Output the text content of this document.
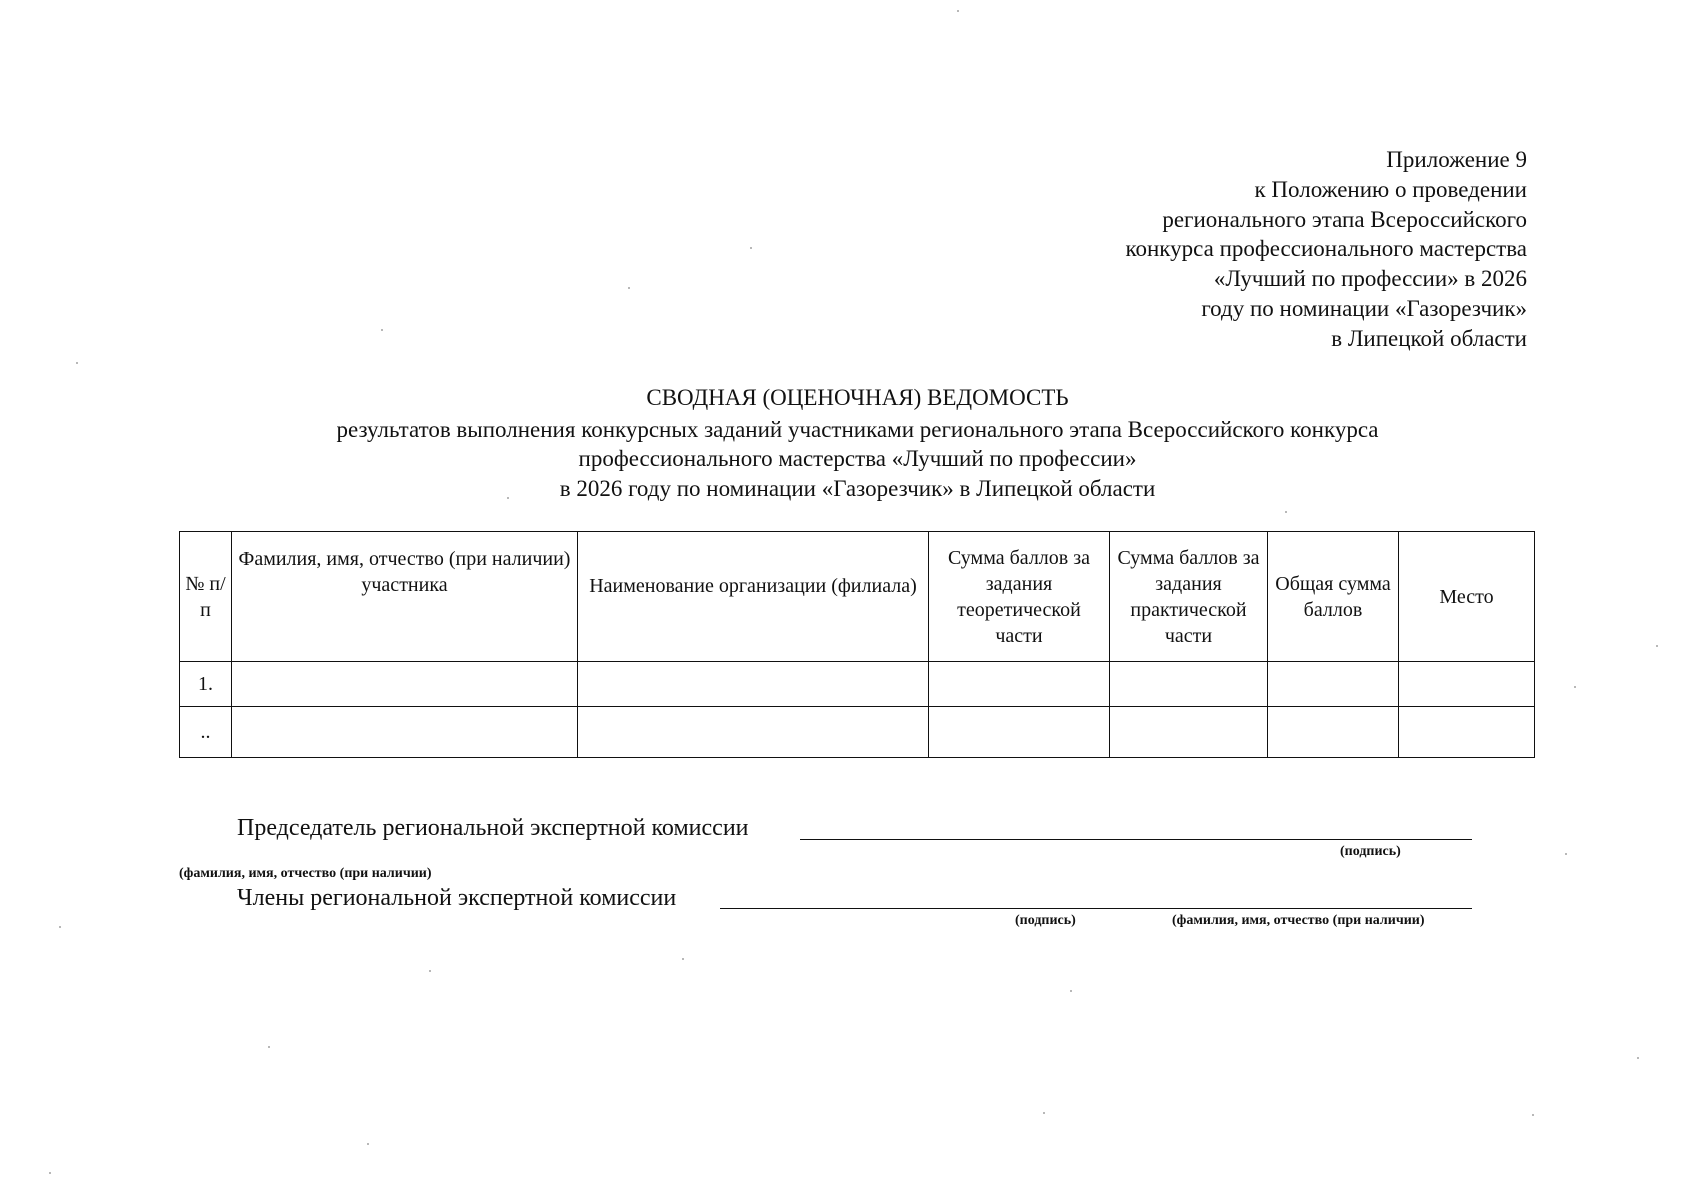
Приложение 9
к Положению о проведении
регионального этапа Всероссийского
конкурса профессионального мастерства
«Лучший по профессии» в 2026
году по номинации «Газорезчик»
в Липецкой области
СВОДНАЯ (ОЦЕНОЧНАЯ) ВЕДОМОСТЬ
результатов выполнения конкурсных заданий участниками регионального этапа Всероссийского конкурса
профессионального мастерства «Лучший по профессии»
в 2026 году по номинации «Газорезчик» в Липецкой области
№ п/п	Фамилия, имя, отчество (при наличии) участника	Наименование организации (филиала)	Сумма баллов за задания теоретической части	Сумма баллов за задания практической части	Общая сумма баллов	Место
1.						
..						
Председатель региональной экспертной комиссии
(подпись)
(фамилия, имя, отчество (при наличии)
Члены региональной экспертной комиссии
(подпись)	(фамилия, имя, отчество (при наличии)
